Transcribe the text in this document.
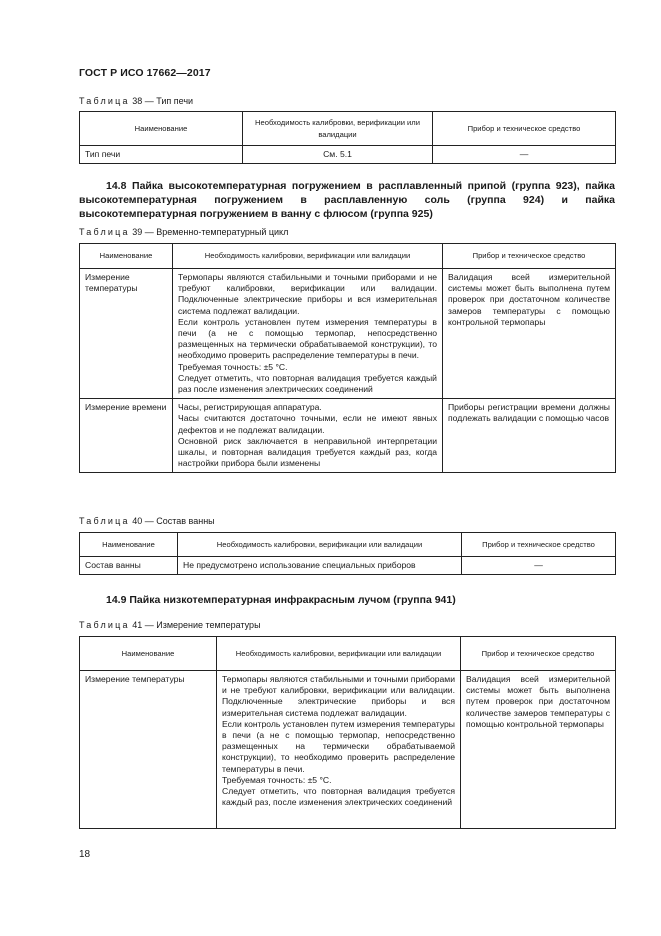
ГОСТ Р ИСО 17662—2017
Таблица 38 — Тип печи
Наименование	Необходимость калибровки, верификации или валидации	Прибор и техническое средство
Тип печи	См. 5.1	—
14.8 Пайка высокотемпературная погружением в расплавленный припой (группа 923), пайка высокотемпературная погружением в расплавленную соль (группа 924) и пайка высокотемпературная погружением в ванну с флюсом (группа 925)
Таблица 39 — Временно-температурный цикл
Наименование	Необходимость калибровки, верификации или валидации	Прибор и техническое средство

Измерение температуры	Термопары являются стабильными и точными приборами и не требуют калибровки, верификации или валидации. Подключенные электрические приборы и вся измерительная система подлежат валидации.

Если контроль установлен путем измерения температуры в печи (а не с помощью термопар, непосредственно размещенных на термически обрабатываемой конструкции), то необходимо проверить распределение температуры в печи.

Требуемая точность: ±5 °С.

Следует отметить, что повторная валидация требуется каждый раз после изменения электрических соединений	Валидация всей измерительной системы может быть выполнена путем проверок при достаточном количестве замеров температуры с помощью контрольной термопары

Измерение времени	Часы, регистрирующая аппаратура.

Часы считаются достаточно точными, если не имеют явных дефектов и не подлежат валидации.

Основной риск заключается в неправильной интерпретации шкалы, и повторная валидация требуется каждый раз, когда настройки прибора были изменены	Приборы регистрации времени должны подлежать валидации с помощью часов

Таблица 40 — Состав ванны
Наименование	Необходимость калибровки, верификации или валидации	Прибор и техническое средство
Состав ванны	Не предусмотрено использование специальных приборов	—
14.9 Пайка низкотемпературная инфракрасным лучом (группа 941)
Таблица 41 — Измерение температуры
Наименование	Необходимость калибровки, верификации или валидации	Прибор и техническое средство

Измерение температуры	Термопары являются стабильными и точными приборами и не требуют калибровки, верификации или валидации. Подключенные электрические приборы и вся измерительная система подлежат валидации.

Если контроль установлен путем измерения температуры в печи (а не с помощью термопар, непосредственно размещенных на термически обрабатываемой конструкции), то необходимо проверить распределение температуры в печи.

Требуемая точность: ±5 °С.

Следует отметить, что повторная валидация требуется каждый раз, после изменения электрических соединений	Валидация всей измерительной системы может быть выполнена путем проверок при достаточном количестве замеров температуры с помощью контрольной термопары

18
